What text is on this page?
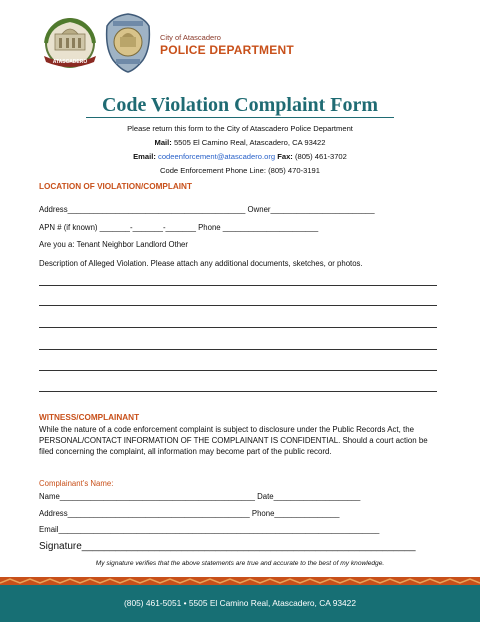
ATASCADERO
City of Atascadero
POLICE DEPARTMENT
Code Violation Complaint Form
Please return this form to the City of Atascadero Police Department
Mail: 5505 El Camino Real, Atascadero, CA 93422
Email: codeenforcement@atascadero.org Fax: (805) 461-3702
Code Enforcement Phone Line: (805) 470-3191
LOCATION OF VIOLATION/COMPLAINT
Address_________________________________________ Owner________________________
APN # (if known) _______-_______-_______ Phone ______________________
Are you a: Tenant Neighbor Landlord Other
Description of Alleged Violation. Please attach any additional documents, sketches, or photos.
WITNESS/COMPLAINANT
While the nature of a code enforcement complaint is subject to disclosure under the Public Records Act, the PERSONAL/CONTACT INFORMATION OF THE COMPLAINANT IS CONFIDENTIAL. Should a court action be filed concerning the complaint, all information may become part of the public record.
Complainant’s Name:
Name_____________________________________________ Date____________________
Address__________________________________________ Phone_______________
Email__________________________________________________________________________
Signature____________________________________________________________
My signature verifies that the above statements are true and accurate to the best of my knowledge.
(805) 461-5051 • 5505 El Camino Real, Atascadero, CA 93422
